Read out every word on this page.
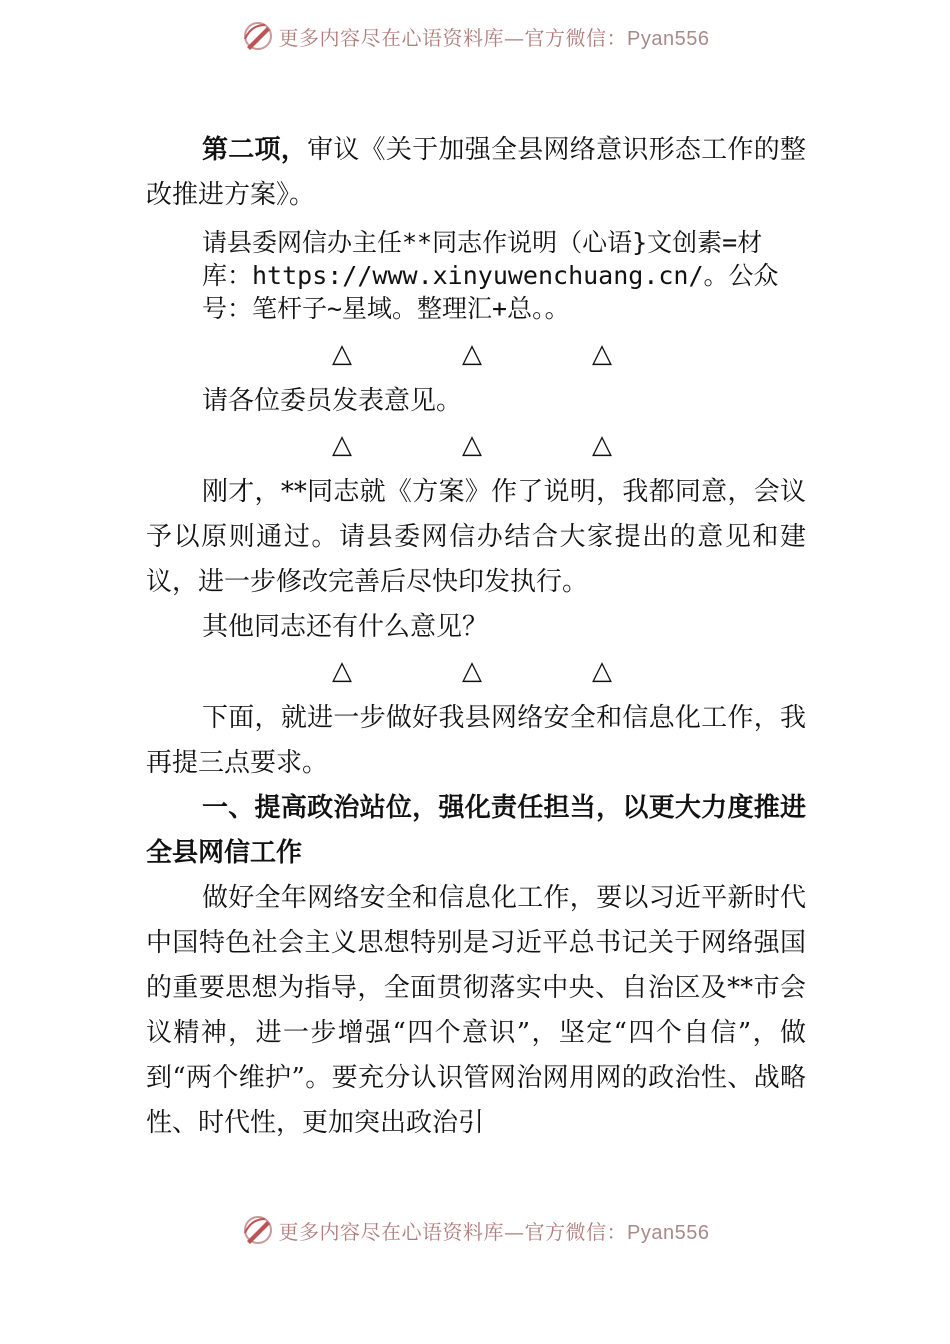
更多内容尽在心语资料库—官方微信：Pyan556

第二项，审议《关于加强全县网络意识形态工作的整改推进方案》。

请县委网信办主任**同志作说明（心语}文创素=材库：https://www.xinyuwenchuang.cn/。公众号：笔杆子~星域。整理汇+总。。

△	△	△

请各位委员发表意见。

△	△	△

刚才，**同志就《方案》作了说明，我都同意，会议予以原则通过。请县委网信办结合大家提出的意见和建议，进一步修改完善后尽快印发执行。

其他同志还有什么意见？

△	△	△

下面，就进一步做好我县网络安全和信息化工作，我再提三点要求。

一、提高政治站位，强化责任担当，以更大力度推进全县网信工作

做好全年网络安全和信息化工作，要以习近平新时代中国特色社会主义思想特别是习近平总书记关于网络强国的重要思想为指导，全面贯彻落实中央、自治区及**市会议精神，进一步增强“四个意识”，坚定“四个自信”，做到“两个维护”。要充分认识管网治网用网的政治性、战略性、时代性，更加突出政治引

更多内容尽在心语资料库—官方微信：Pyan556
